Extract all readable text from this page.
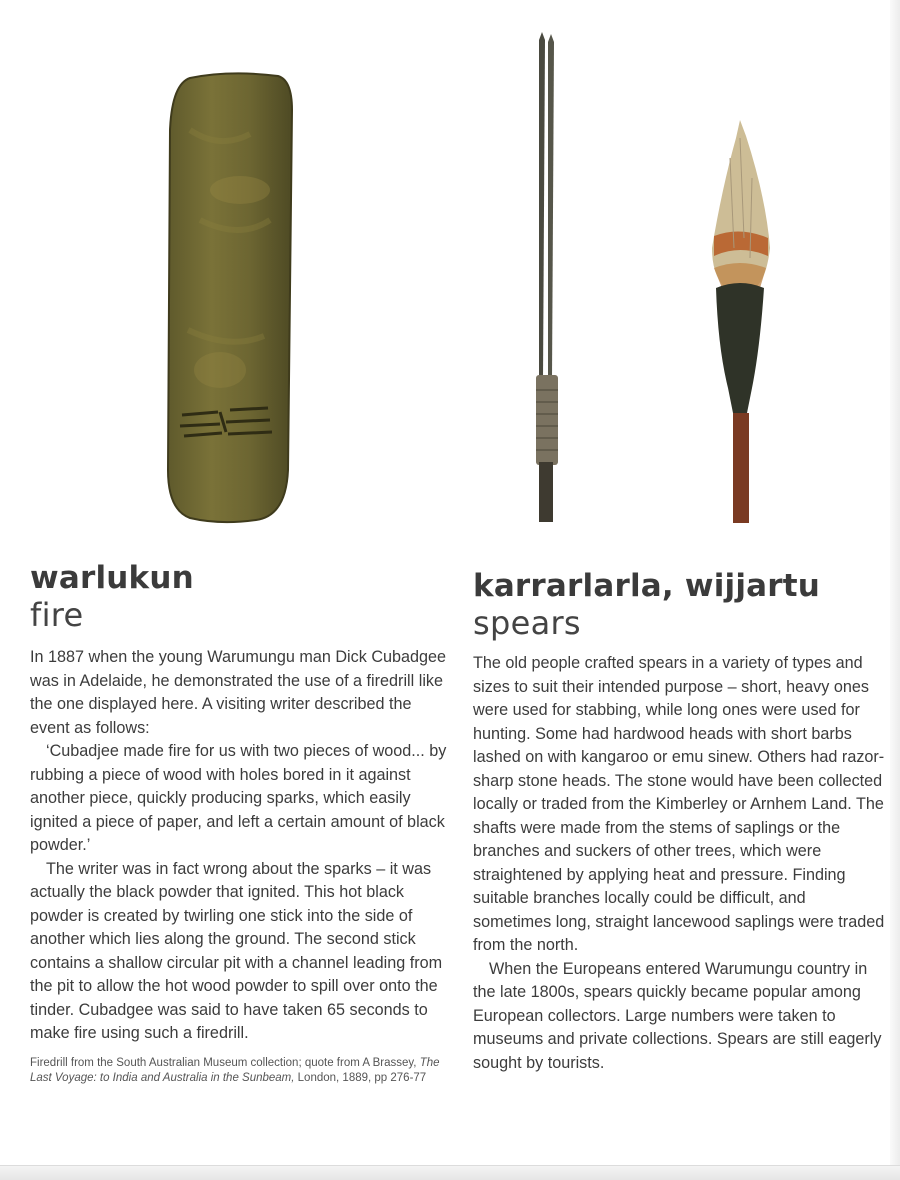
warlukun
fire

In 1887 when the young Warumungu man Dick Cubadgee was in Adelaide, he demonstrated the use of a firedrill like the one displayed here. A visiting writer described the event as follows:

‘Cubadjee made fire for us with two pieces of wood... by rubbing a piece of wood with holes bored in it against another piece, quickly producing sparks, which easily ignited a piece of paper, and left a certain amount of black powder.’

The writer was in fact wrong about the sparks – it was actually the black powder that ignited. This hot black powder is created by twirling one stick into the side of another which lies along the ground. The second stick contains a shallow circular pit with a channel leading from the pit to allow the hot wood powder to spill over onto the tinder. Cubadgee was said to have taken 65 seconds to make fire using such a firedrill.

Firedrill from the South Australian Museum collection; quote from A Brassey, The Last Voyage: to India and Australia in the Sunbeam, London, 1889, pp 276-77
karrarlarla, wijjartu
spears

The old people crafted spears in a variety of types and sizes to suit their intended purpose – short, heavy ones were used for stabbing, while long ones were used for hunting. Some had hardwood heads with short barbs lashed on with kangaroo or emu sinew. Others had razor-sharp stone heads. The stone would have been collected locally or traded from the Kimberley or Arnhem Land. The shafts were made from the stems of saplings or the branches and suckers of other trees, which were straightened by applying heat and pressure. Finding suitable branches locally could be difficult, and sometimes long, straight lancewood saplings were traded from the north.

When the Europeans entered Warumungu country in the late 1800s, spears quickly became popular among European collectors. Large numbers were taken to museums and private collections. Spears are still eagerly sought by tourists.
